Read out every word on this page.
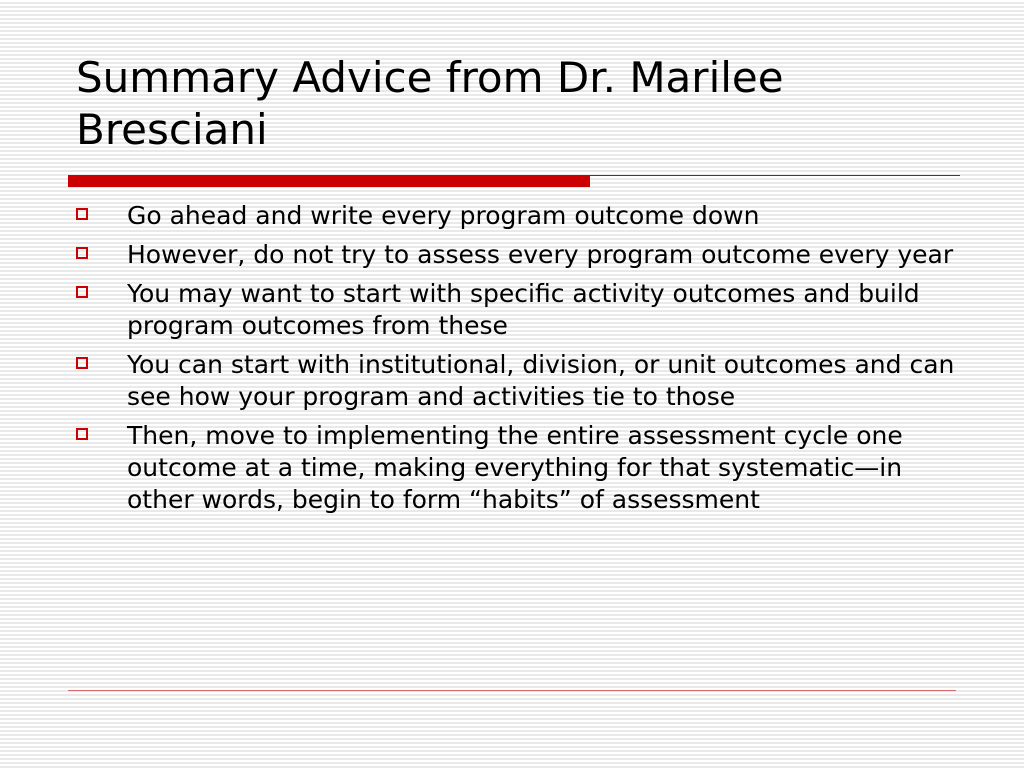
Summary Advice from Dr. Marilee Bresciani
Go ahead and write every program outcome down
However, do not try to assess every program outcome every year
You may want to start with specific activity outcomes and build program outcomes from these
You can start with institutional, division, or unit outcomes and can see how your program and activities tie to those
Then, move to implementing the entire assessment cycle one outcome at a time, making everything for that systematic—in other words, begin to form “habits” of assessment
